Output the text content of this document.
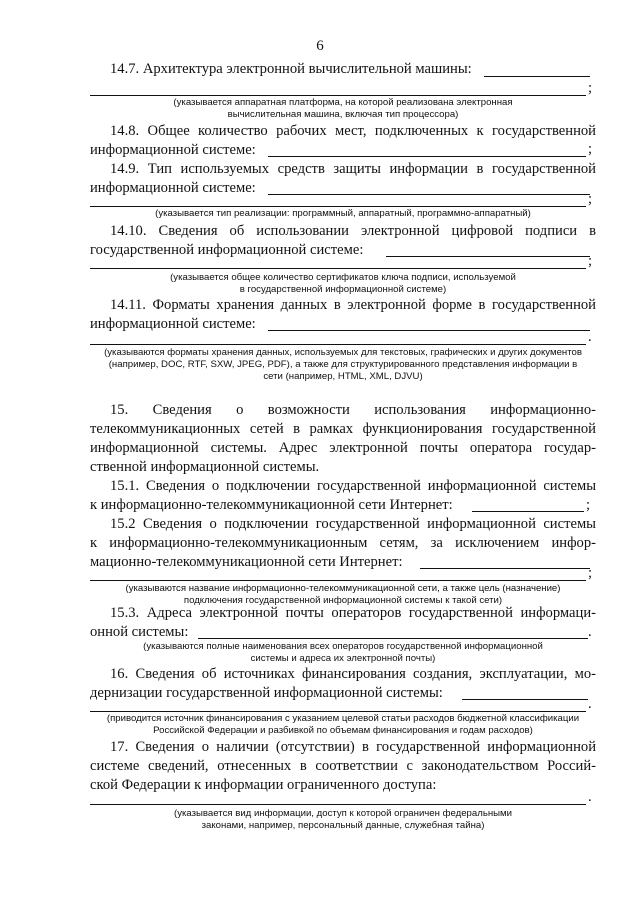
6
14.7. Архитектура электронной вычислительной машины:
;
(указывается аппаратная платформа, на которой реализована электронная
вычислительная машина, включая тип процессора)
14.8. Общее количество рабочих мест, подключенных к государственной
информационной системе:	;
14.9. Тип используемых средств защиты информации в государственной
информационной системе:
;
(указывается тип реализации: программный, аппаратный, программно-аппаратный)
14.10. Сведения об использовании электронной цифровой подписи в
государственной информационной системе:
;
(указывается общее количество сертификатов ключа подписи, используемой
в государственной информационной системе)
14.11. Форматы хранения данных в электронной форме в государственной
информационной системе:
.
(указываются форматы хранения данных, используемых для текстовых, графических и других документов
(например, DOC, RTF, SXW, JPEG, PDF), а также для структурированного представления информации в
сети (например, HTML, XML, DJVU)
15. Сведения о возможности использования информационно-
телекоммуникационных сетей в рамках функционирования государственной
информационной системы. Адрес электронной почты оператора государ-
ственной информационной системы.
15.1. Сведения о подключении государственной информационной системы
к информационно-телекоммуникационной сети Интернет:	;
15.2 Сведения о подключении государственной информационной системы
к информационно-телекоммуникационным сетям, за исключением инфор-
мационно-телекоммуникационной сети Интернет:
;
(указываются название информационно-телекоммуникационной сети, а также цель (назначение)
подключения государственной информационной системы к такой сети)
15.3. Адреса электронной почты операторов государственной информаци-
онной системы:	.
(указываются полные наименования всех операторов государственной информационной
системы и адреса их электронной почты)
16. Сведения об источниках финансирования создания, эксплуатации, мо-
дернизации государственной информационной системы:
.
(приводится источник финансирования с указанием целевой статьи расходов бюджетной классификации
Российской Федерации и разбивкой по объемам финансирования и годам расходов)
17. Сведения о наличии (отсутствии) в государственной информационной
системе сведений, отнесенных в соответствии с законодательством Россий-
ской Федерации к информации ограниченного доступа:
.
(указывается вид информации, доступ к которой ограничен федеральными
законами, например, персональный данные, служебная тайна)
